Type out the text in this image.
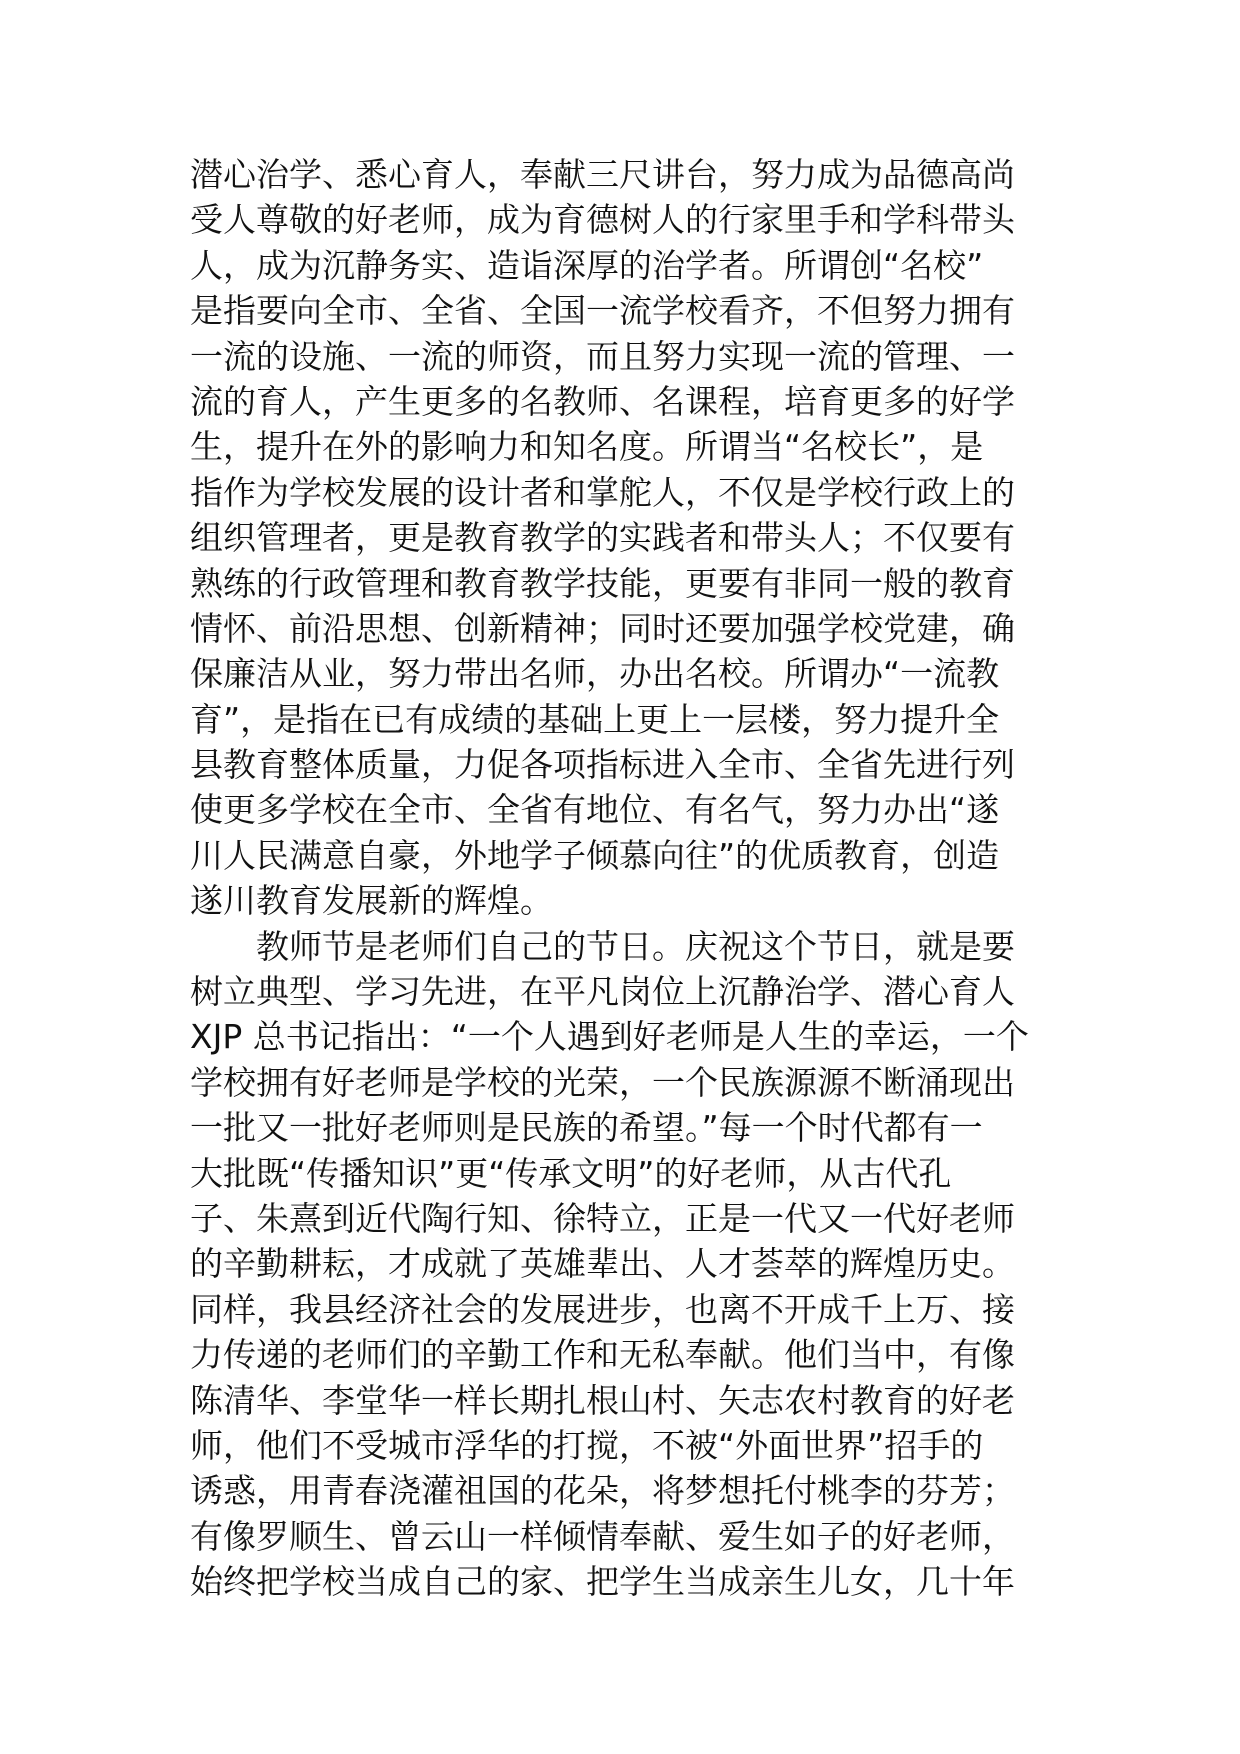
潜心治学、悉心育人，奉献三尺讲台，努力成为品德高尚
受人尊敬的好老师，成为育德树人的行家里手和学科带头
人，成为沉静务实、造诣深厚的治学者。所谓创“名校”
是指要向全市、全省、全国一流学校看齐，不但努力拥有
一流的设施、一流的师资，而且努力实现一流的管理、一
流的育人，产生更多的名教师、名课程，培育更多的好学
生，提升在外的影响力和知名度。所谓当“名校长”，是
指作为学校发展的设计者和掌舵人，不仅是学校行政上的
组织管理者，更是教育教学的实践者和带头人；不仅要有
熟练的行政管理和教育教学技能，更要有非同一般的教育
情怀、前沿思想、创新精神；同时还要加强学校党建，确
保廉洁从业，努力带出名师，办出名校。所谓办“一流教
育”，是指在已有成绩的基础上更上一层楼，努力提升全
县教育整体质量，力促各项指标进入全市、全省先进行列
使更多学校在全市、全省有地位、有名气，努力办出“遂
川人民满意自豪，外地学子倾慕向往”的优质教育，创造
遂川教育发展新的辉煌。
教师节是老师们自己的节日。庆祝这个节日，就是要
树立典型、学习先进，在平凡岗位上沉静治学、潜心育人
XJP 总书记指出：“一个人遇到好老师是人生的幸运，一个
学校拥有好老师是学校的光荣，一个民族源源不断涌现出
一批又一批好老师则是民族的希望。”每一个时代都有一
大批既“传播知识”更“传承文明”的好老师，从古代孔
子、朱熹到近代陶行知、徐特立，正是一代又一代好老师
的辛勤耕耘，才成就了英雄辈出、人才荟萃的辉煌历史。
同样，我县经济社会的发展进步，也离不开成千上万、接
力传递的老师们的辛勤工作和无私奉献。他们当中，有像
陈清华、李堂华一样长期扎根山村、矢志农村教育的好老
师，他们不受城市浮华的打搅，不被“外面世界”招手的
诱惑，用青春浇灌祖国的花朵，将梦想托付桃李的芬芳；
有像罗顺生、曾云山一样倾情奉献、爱生如子的好老师，
始终把学校当成自己的家、把学生当成亲生儿女，几十年
